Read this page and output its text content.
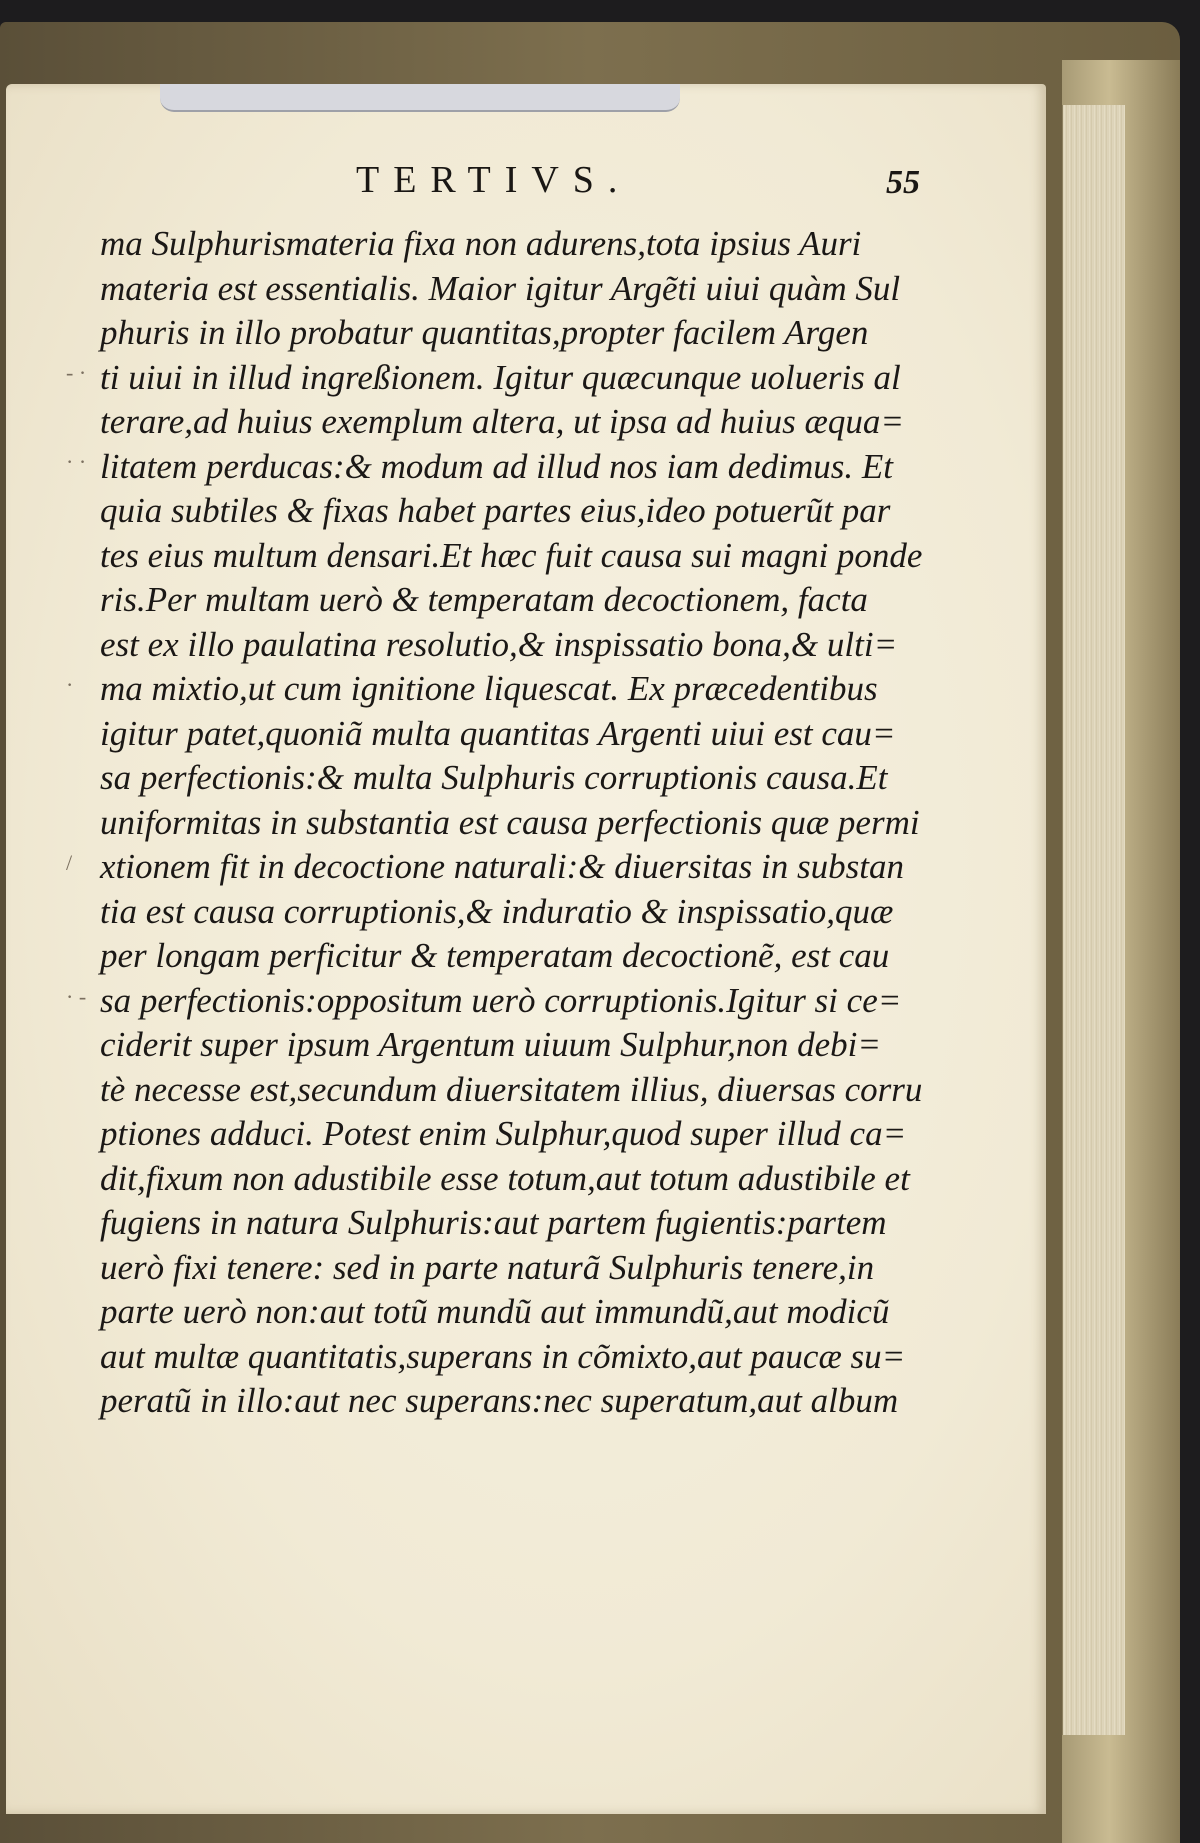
TERTIVS.	55
- ·
· ·
·
/
· -
ma Sulphurismateria fixa non adurens,tota ipsius Auri
materia est essentialis. Maior igitur Argẽti uiui quàm Sul
phuris in illo probatur quantitas,propter facilem Argen
ti uiui in illud ingreßionem. Igitur quæcunque uolueris al
terare,ad huius exemplum altera, ut ipsa ad huius æqua=
litatem perducas:& modum ad illud nos iam dedimus. Et
quia subtiles & fixas habet partes eius,ideo potuerũt par
tes eius multum densari.Et hæc fuit causa sui magni ponde
ris.Per multam uerò & temperatam decoctionem, facta
est ex illo paulatina resolutio,& inspissatio bona,& ulti=
ma mixtio,ut cum ignitione liquescat. Ex præcedentibus
igitur patet,quoniã multa quantitas Argenti uiui est cau=
sa perfectionis:& multa Sulphuris corruptionis causa.Et
uniformitas in substantia est causa perfectionis quæ permi
xtionem fit in decoctione naturali:& diuersitas in substan
tia est causa corruptionis,& induratio & inspissatio,quæ
per longam perficitur & temperatam decoctionẽ, est cau
sa perfectionis:oppositum uerò corruptionis.Igitur si ce=
ciderit super ipsum Argentum uiuum Sulphur,non debi=
tè necesse est,secundum diuersitatem illius, diuersas corru
ptiones adduci. Potest enim Sulphur,quod super illud ca=
dit,fixum non adustibile esse totum,aut totum adustibile et
fugiens in natura Sulphuris:aut partem fugientis:partem
uerò fixi tenere: sed in parte naturã Sulphuris tenere,in
parte uerò non:aut totũ mundũ aut immundũ,aut modicũ
aut multæ quantitatis,superans in cõmixto,aut paucæ su=
peratũ in illo:aut nec superans:nec superatum,aut album
